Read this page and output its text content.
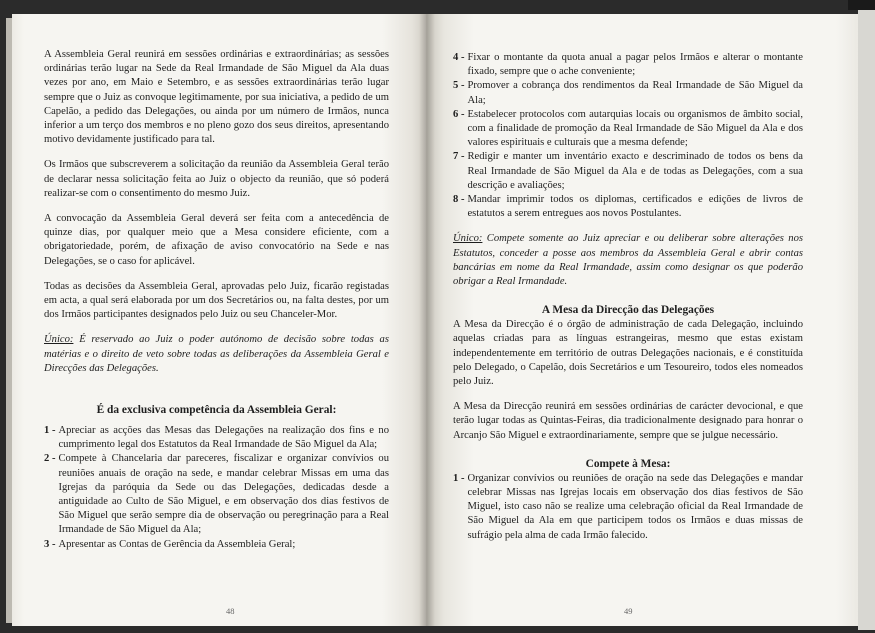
A Assembleia Geral reunirá em sessões ordinárias e extraordinárias; as sessões ordinárias terão lugar na Sede da Real Irmandade de São Miguel da Ala duas vezes por ano, em Maio e Setembro, e as sessões extraordinárias terão lugar sempre que o Juiz as convoque legitimamente, por sua iniciativa, a pedido de um Capelão, a pedido das Delegações, ou ainda por um número de Irmãos, nunca inferior a um terço dos membros e no pleno gozo dos seus direitos, apresentando motivo devidamente justificado para tal.

Os Irmãos que subscreverem a solicitação da reunião da Assembleia Geral terão de declarar nessa solicitação feita ao Juiz o objecto da reunião, que só poderá realizar-se com o consentimento do mesmo Juiz.

A convocação da Assembleia Geral deverá ser feita com a antecedência de quinze dias, por qualquer meio que a Mesa considere eficiente, com a obrigatoriedade, porém, de afixação de aviso convocatório na Sede e nas Delegações, se o caso for aplicável.

Todas as decisões da Assembleia Geral, aprovadas pelo Juiz, ficarão registadas em acta, a qual será elaborada por um dos Secretários ou, na falta destes, por um dos Irmãos participantes designados pelo Juiz ou seu Chanceler-Mor.

Único: É reservado ao Juiz o poder autónomo de decisão sobre todas as matérias e o direito de veto sobre todas as deliberações da Assembleia Geral e Direcções das Delegações.

É da exclusiva competência da Assembleia Geral:
1 - Apreciar as acções das Mesas das Delegações na realização dos fins e no cumprimento legal dos Estatutos da Real Irmandade de São Miguel da Ala;
2 - Compete à Chancelaria dar pareceres, fiscalizar e organizar convívios ou reuniões anuais de oração na sede, e mandar celebrar Missas em uma das Igrejas da paróquia da Sede ou das Delegações, dedicadas desde a antiguidade ao Culto de São Miguel, e em observação dos dias festivos de São Miguel que serão sempre dia de observação ou peregrinação para a Real Irmandade de São Miguel da Ala;
3 - Apresentar as Contas de Gerência da Assembleia Geral;
48
4 - Fixar o montante da quota anual a pagar pelos Irmãos e alterar o montante fixado, sempre que o ache conveniente;
5 - Promover a cobrança dos rendimentos da Real Irmandade de São Miguel da Ala;
6 - Estabelecer protocolos com autarquias locais ou organismos de âmbito social, com a finalidade de promoção da Real Irmandade de São Miguel da Ala e dos valores espirituais e culturais que a mesma defende;
7 - Redigir e manter um inventário exacto e descriminado de todos os bens da Real Irmandade de São Miguel da Ala e de todas as Delegações, com a sua descrição e avaliações;
8 - Mandar imprimir todos os diplomas, certificados e edições de livros de estatutos a serem entregues aos novos Postulantes.

Único: Compete somente ao Juiz apreciar e ou deliberar sobre alterações nos Estatutos, conceder a posse aos membros da Assembleia Geral e abrir contas bancárias em nome da Real Irmandade, assim como designar os que poderão obrigar a Real Irmandade.

A Mesa da Direcção das Delegações

A Mesa da Direcção é o órgão de administração de cada Delegação, incluindo aquelas criadas para as línguas estrangeiras, mesmo que estas existam independentemente em território de outras Delegações nacionais, e é constituída pelo Delegado, o Capelão, dois Secretários e um Tesoureiro, todos eles nomeados pelo Juiz.

A Mesa da Direcção reunirá em sessões ordinárias de carácter devocional, e que terão lugar todas as Quintas-Feiras, dia tradicionalmente designado para honrar o Arcanjo São Miguel e extraordinariamente, sempre que se julgue necessário.

Compete à Mesa:
1 - Organizar convívios ou reuniões de oração na sede das Delegações e mandar celebrar Missas nas Igrejas locais em observação dos dias festivos de São Miguel, isto caso não se realize uma celebração oficial da Real Irmandade de São Miguel da Ala em que participem todos os Irmãos e duas missas de sufrágio pela alma de cada Irmão falecido.
49
